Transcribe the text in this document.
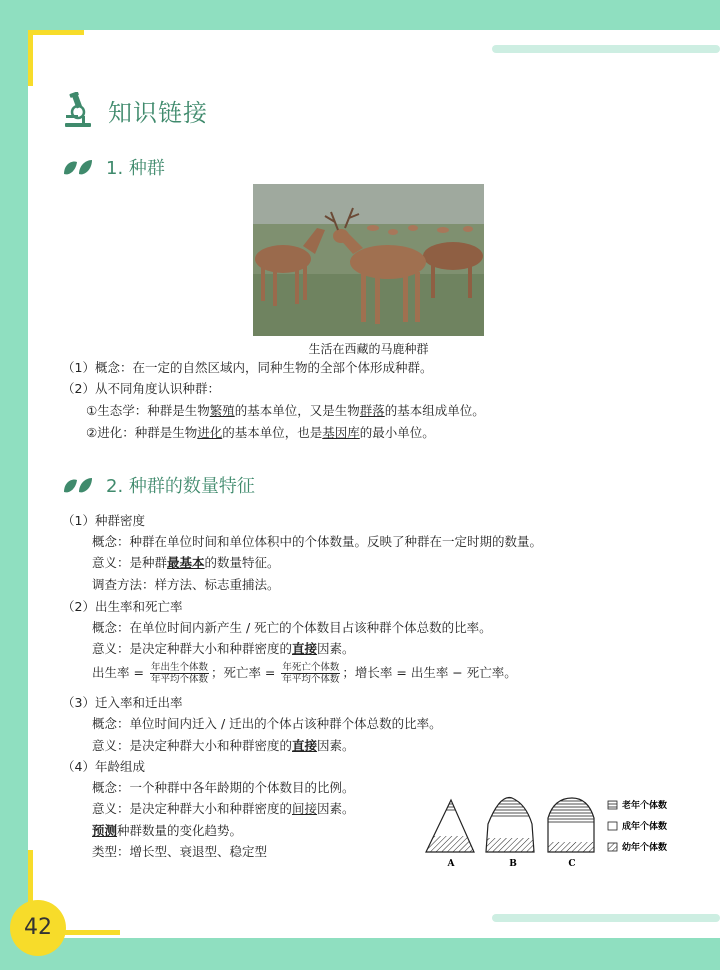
42
知识链接
1. 种群
生活在西藏的马鹿种群
（1）概念：在一定的自然区域内，同种生物的全部个体形成种群。
（2）从不同角度认识种群：
①生态学：种群是生物繁殖的基本单位，又是生物群落的基本组成单位。
②进化：种群是生物进化的基本单位，也是基因库的最小单位。
2. 种群的数量特征
（1）种群密度
概念：种群在单位时间和单位体积中的个体数量。反映了种群在一定时期的数量。
意义：是种群最基本的数量特征。
调查方法：样方法、标志重捕法。
（2）出生率和死亡率
概念：在单位时间内新产生 / 死亡的个体数目占该种群个体总数的比率。
意义：是决定种群大小和种群密度的直接因素。
出生率 = $\frac{\text{年出生个体数}}{\text{年平均个体数}}$ ；死亡率 = $\frac{\text{年死亡个体数}}{\text{年平均个体数}}$ ；增长率 = 出生率 − 死亡率。
（3）迁入率和迁出率
概念：单位时间内迁入 / 迁出的个体占该种群个体总数的比率。
意义：是决定种群大小和种群密度的直接因素。
（4）年龄组成
概念：一个种群中各年龄期的个体数目的比例。
意义：是决定种群大小和种群密度的间接因素。
预测种群数量的变化趋势。
类型：增长型、衰退型、稳定型
A	B	C
老年个体数
成年个体数
幼年个体数
